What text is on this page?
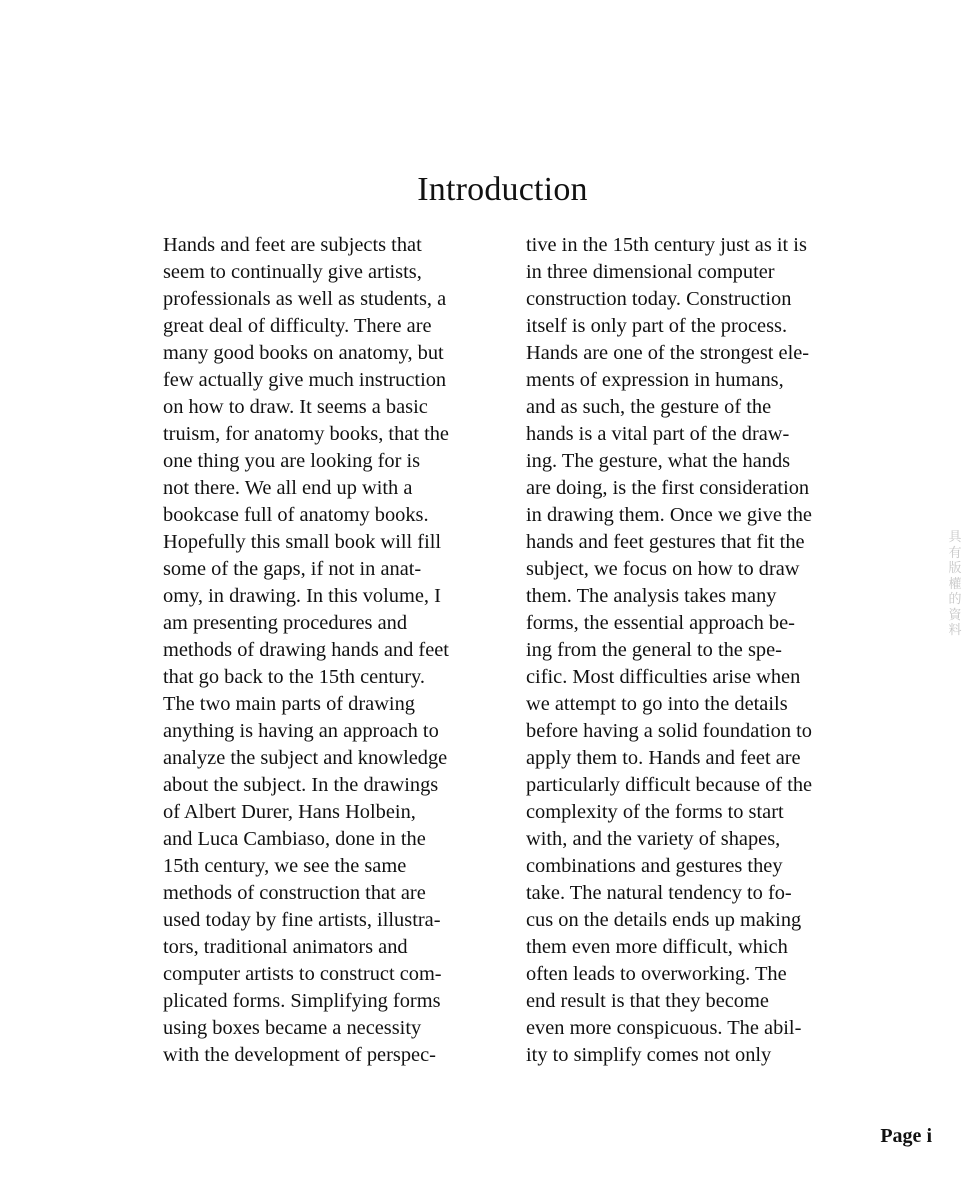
Introduction
Hands and feet are subjects that
seem to continually give artists,
professionals as well as students, a
great deal of difficulty. There are
many good books on anatomy, but
few actually give much instruction
on how to draw. It seems a basic
truism, for anatomy books, that the
one thing you are looking for is
not there. We all end up with a
bookcase full of anatomy books.
Hopefully this small book will fill
some of the gaps, if not in anat-
omy, in drawing. In this volume, I
am presenting procedures and
methods of drawing hands and feet
that go back to the 15th century.
The two main parts of drawing
anything is having an approach to
analyze the subject and knowledge
about the subject. In the drawings
of Albert Durer, Hans Holbein,
and Luca Cambiaso, done in the
15th century, we see the same
methods of construction that are
used today by fine artists, illustra-
tors, traditional animators and
computer artists to construct com-
plicated forms. Simplifying forms
using boxes became a necessity
with the development of perspec-
tive in the 15th century just as it is
in three dimensional computer
construction today. Construction
itself is only part of the process.
Hands are one of the strongest ele-
ments of expression in humans,
and as such, the gesture of the
hands is a vital part of the draw-
ing. The gesture, what the hands
are doing, is the first consideration
in drawing them. Once we give the
hands and feet gestures that fit the
subject, we focus on how to draw
them. The analysis takes many
forms, the essential approach be-
ing from the general to the spe-
cific. Most difficulties arise when
we attempt to go into the details
before having a solid foundation to
apply them to. Hands and feet are
particularly difficult because of the
complexity of the forms to start
with, and the variety of shapes,
combinations and gestures they
take. The natural tendency to fo-
cus on the details ends up making
them even more difficult, which
often leads to overworking. The
end result is that they become
even more conspicuous. The abil-
ity to simplify comes not only
具
有
版
權
的
資
料
Page i
